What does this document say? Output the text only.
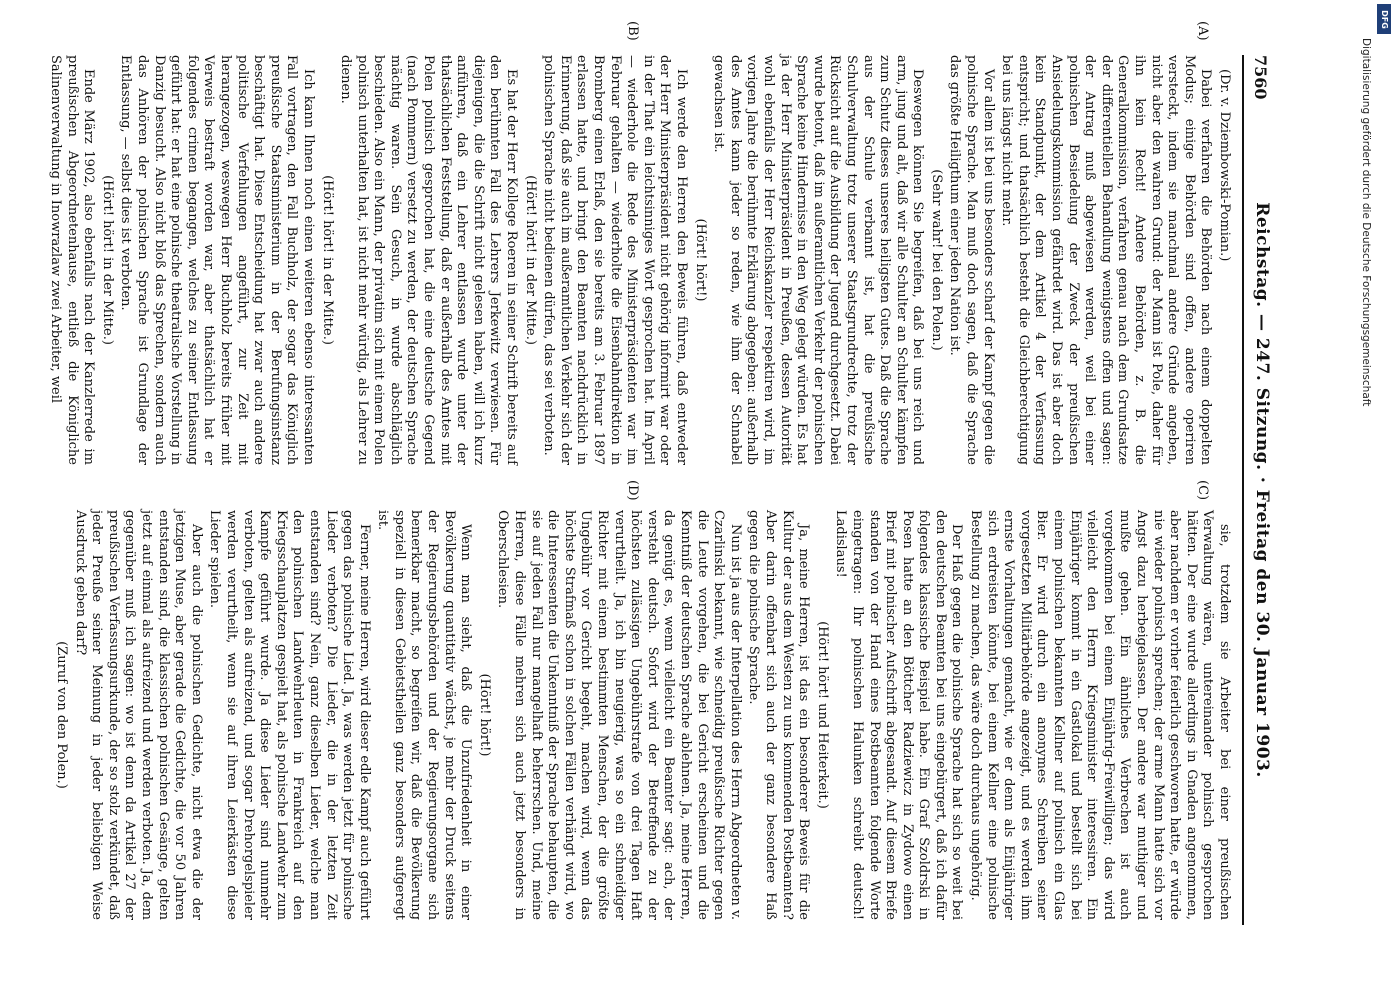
7560
Reichstag. — 247. Sitzung. · Freitag den 30. Januar 1903.
(A)
(B)
(C)
(D)

(Dr. v. Dziembowski-Pomian.)

Dabei verfahren die Behörden nach einem doppelten Modus; einige Behörden sind offen, andere operiren versteckt, indem sie manchmal andere Gründe angeben, nicht aber den wahren Grund: der Mann ist Pole, daher für ihn kein Recht! Andere Behörden, z. B. die Generalkommission, verfahren genau nach dem Grundsatze der differentiellen Behandlung wenigstens offen und sagen: der Antrag muß abgewiesen werden, weil bei einer polnischen Besiedelung der Zweck der preußischen Ansiedelungskommission gefährdet wird. Das ist aber doch kein Standpunkt, der dem Artikel 4 der Verfassung entspricht; und thatsächlich besteht die Gleichberechtigung bei uns längst nicht mehr.

Vor allem ist bei uns besonders scharf der Kampf gegen die polnische Sprache. Man muß doch sagen, daß die Sprache das größte Heiligthum einer jeden Nation ist.

(Sehr wahr! bei den Polen.)

Deswegen können Sie begreifen, daß bei uns reich und arm, jung und alt, daß wir alle Schulter an Schulter kämpfen zum Schutz dieses unseres heiligsten Gutes. Daß die Sprache aus der Schule verbannt ist, hat die preußische Schulverwaltung trotz unserer Staatsgrundrechte, trotz der Rücksicht auf die Ausbildung der Jugend durchgesetzt. Dabei wurde betont, daß im außeramtlichen Verkehr der polnischen Sprache keine Hindernisse in den Weg gelegt würden. Es hat ja der Herr Ministerpräsident in Preußen, dessen Autorität wohl ebenfalls der Herr Reichskanzler respektiren wird, im vorigen Jahre die berühmte Erklärung abgegeben: außerhalb des Amtes kann jeder so reden, wie ihm der Schnabel gewachsen ist.

(Hört! hört!)

Ich werde den Herren den Beweis führen, daß entweder der Herr Ministerpräsident nicht gehörig informirt war oder in der That ein leichtsinniges Wort gesprochen hat. Im April — wiederhole die Rede des Ministerpräsidenten war im Februar gehalten — wiederholte die Eisenbahndirektion in Bromberg einen Erlaß, den sie bereits am 3. Februar 1897 erlassen hatte, und bringt den Beamten nachdrücklich in Erinnerung, daß sie auch im außeramtlichen Verkehr sich der polnischen Sprache nicht bedienen dürfen, das sei verboten.

(Hört! hört! in der Mitte.)

Es hat der Herr Kollege Roeren in seiner Schrift bereits auf den berühmten Fall des Lehrers Jerkewitz verwiesen. Für diejenigen, die die Schrift nicht gelesen haben, will ich kurz anführen, daß ein Lehrer entlassen wurde unter der thatsächlichen Feststellung, daß er außerhalb des Amtes mit Polen polnisch gesprochen hat, die eine deutsche Gegend (nach Pommern) versetzt zu werden, der deutschen Sprache mächtig waren. Sein Gesuch, in wurde abschläglich beschieden. Also ein Mann, der privatim sich mit einem Polen polnisch unterhalten hat, ist nicht mehr würdig, als Lehrer zu dienen.

(Hört! hört! in der Mitte.)

Ich kann Ihnen noch einen weiteren ebenso interessanten Fall vortragen, den Fall Buchholz, der sogar das Königlich preußische Staatsministerium in der Berufungsinstanz beschäftigt hat. Diese Entscheidung hat zwar auch andere politische Verfehlungen angeführt, zur Zeit mit herangezogen, weswegen Herr Buchholz bereits früher mit Verweis bestraft worden war, aber thatsächlich hat er folgendes crimen begangen, welches zu seiner Entlassung geführt hat: er hat eine polnische theatralische Vorstellung in Danzig besucht. Also nicht bloß das Sprechen, sondern auch das Anhören der polnischen Sprache ist Grundlage der Entlassung, — selbst dies ist verboten.

(Hört! hört! in der Mitte.)

Ende März 1902, also ebenfalls nach der Kanzlerrede im preußischen Abgeordnetenhause, entließ die Königliche Salinenverwaltung in Inowrazlaw zwei Arbeiter, weil

sie, trotzdem sie Arbeiter bei einer preußischen Verwaltung wären, untereinander polnisch gesprochen hätten. Der eine wurde allerdings in Gnaden angenommen, aber nachdem er vorher feierlich geschworen hatte, er würde nie wieder polnisch sprechen; der arme Mann hatte sich vor Angst dazu herbeigelassen. Der andere war muthiger und mußte gehen. Ein ähnliches Verbrechen ist auch vorgekommen bei einem Einjährig-Freiwilligen; das wird vielleicht den Herrn Kriegsminister interessiren. Ein Einjähriger kommt in ein Gastlokal und bestellt sich bei einem polnischen bekannten Kellner auf polnisch ein Glas Bier. Er wird durch ein anonymes Schreiben seiner vorgesetzten Militärbehörde angezeigt, und es werden ihm ernste Vorhaltungen gemacht, wie er denn als Einjähriger sich erdreisten könnte, bei einem Kellner eine polnische Bestellung zu machen, das wäre doch durchaus ungehörig.

Der Haß gegen die polnische Sprache hat sich so weit bei den deutschen Beamten bei uns eingebürgert, daß ich dafür folgendes klassische Beispiel habe. Ein Graf Szoldrski in Posen hatte an den Böttcher Radziewicz in Zydowo einen Brief mit polnischer Aufschrift abgesandt. Auf diesem Briefe standen von der Hand eines Postbeamten folgende Worte eingetragen: Ihr polnischen Halunken schreibt deutsch! Ladislaus!

(Hört! hört! und Heiterkeit.)

Ja, meine Herren, ist das ein besonderer Beweis für die Kultur der aus dem Westen zu uns kommenden Postbeamten? Aber darin offenbart sich auch der ganz besondere Haß gegen die polnische Sprache.

Nun ist ja aus der Interpellation des Herrn Abgeordneten v. Czarlinski bekannt, wie schneidig preußische Richter gegen die Leute vorgehen, die bei Gericht erscheinen und die Kenntniß der deutschen Sprache ablehnen. Ja, meine Herren, da genügt es, wenn vielleicht ein Beamter sagt: ach, der versteht deutsch. Sofort wird der Betreffende zu der höchsten zulässigen Ungebührstrafe von drei Tagen Haft verurtheilt. Ja, ich bin neugierig, was so ein schneidiger Richter mit einem bestimmten Menschen, der die größte Ungebühr vor Gericht begeht, machen wird, wenn das höchste Strafmaß schon in solchen Fällen verhängt wird, wo die Interessenten die Unkenntniß der Sprache behaupten, die sie auf jeden Fall nur mangelhaft beherrschen. Und, meine Herren, diese Fälle mehren sich auch jetzt besonders in Oberschlesien.

(Hört! hört!)

Wenn man sieht, daß die Unzufriedenheit in einer Bevölkerung quantitativ wächst, je mehr der Druck seitens der Regierungsbehörden und der Regierungsorgane sich bemerkbar macht, so begreifen wir, daß die Bevölkerung speziell in diesen Gebietstheilen ganz besonders aufgeregt ist.

Ferner, meine Herren, wird dieser edle Kampf auch geführt gegen das polnische Lied. Ja, was werden jetzt für polnische Lieder verboten? Die Lieder, die in der letzten Zeit entstanden sind? Nein, ganz dieselben Lieder, welche man den polnischen Landwehrleuten in Frankreich auf den Kriegsschauplatzen gespielt hat, als polnische Landwehr zum Kampfe geführt wurde. Ja diese Lieder sind nunmehr verboten, gelten als aufreizend, und sogar Drehorgelspieler werden verurtheilt, wenn sie auf ihren Leierkästen diese Lieder spielen.

Aber auch die polnischen Gedichte, nicht etwa die der jetzigen Muse, aber gerade die Gedichte, die vor 50 Jahren entstanden sind, die klassischen polnischen Gesänge, gelten jetzt auf einmal als aufreizend und werden verboten. Ja, dem gegenüber muß ich sagen: wo ist denn da Artikel 27 der preußischen Verfassungsurkunde, der so stolz verkündet, daß jeder Preuße seiner Meinung in jeder beliebigen Weise Ausdruck geben darf?

(Zuruf von den Polen.)

DFG
Digitalisierung gefördert durch die Deutsche Forschungsgemeinschaft
